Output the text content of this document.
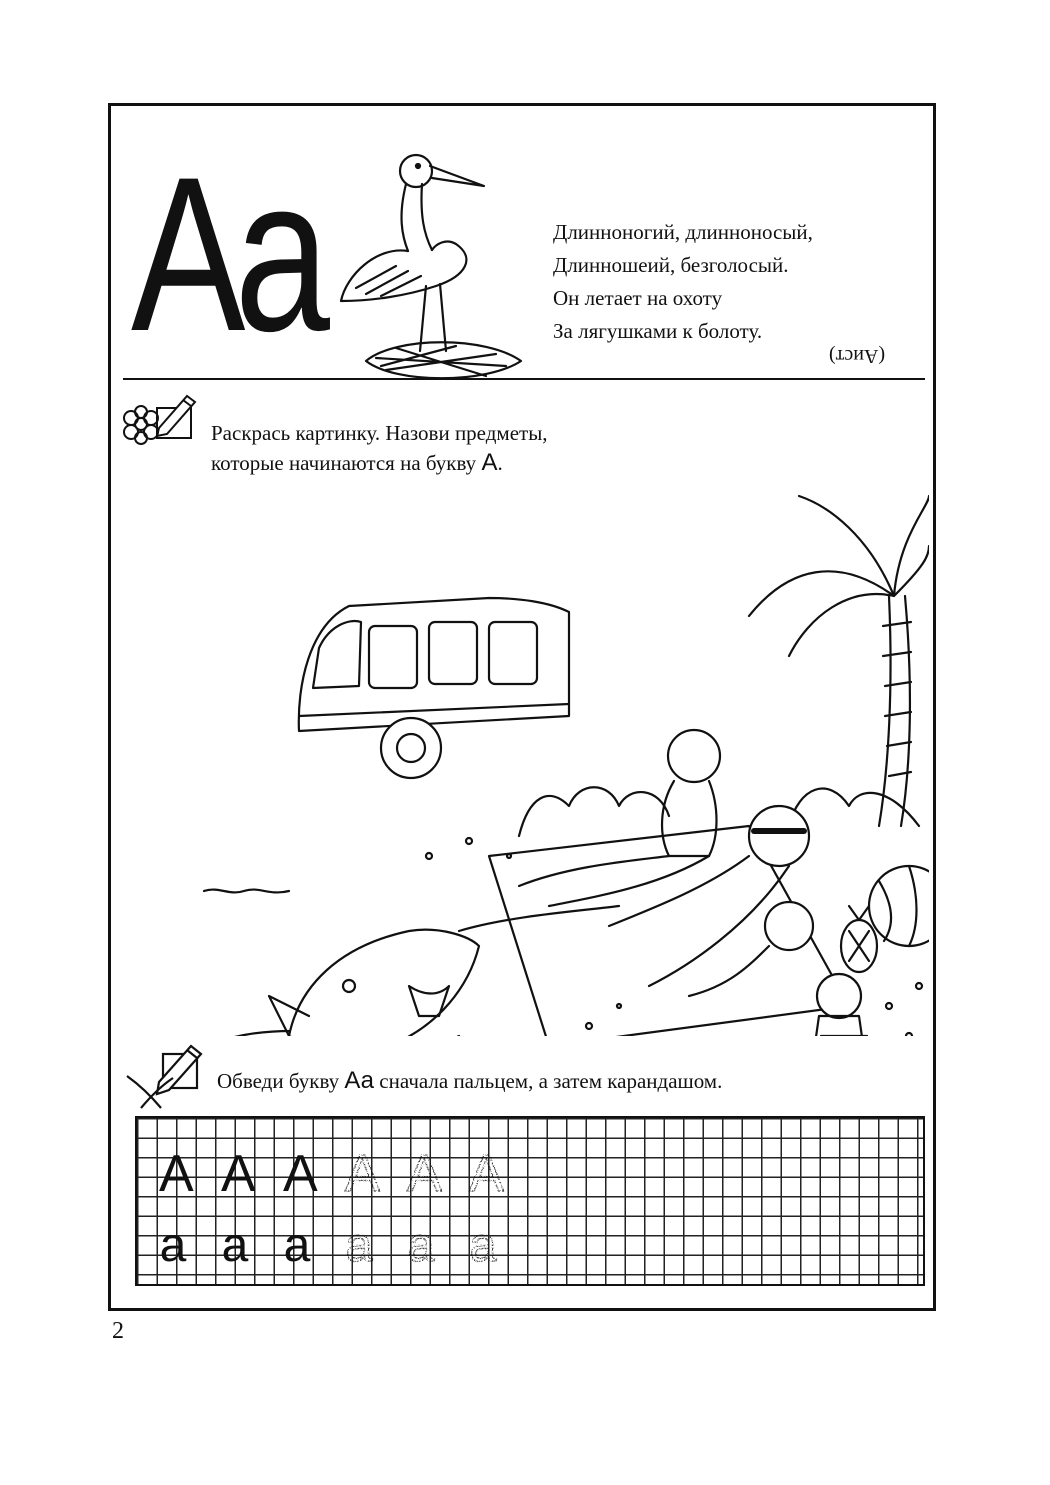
Aa	Длинноногий, длинноносый,

Длинношеий, безголосый.

Он летает на охоту

За лягушками к болоту.

(Аист)

Раскрась картинку. Назови предметы,
которые начинаются на букву А.

Обведи букву Аа сначала пальцем, а затем карандашом.

А А А А А А
а а а а а а
2
